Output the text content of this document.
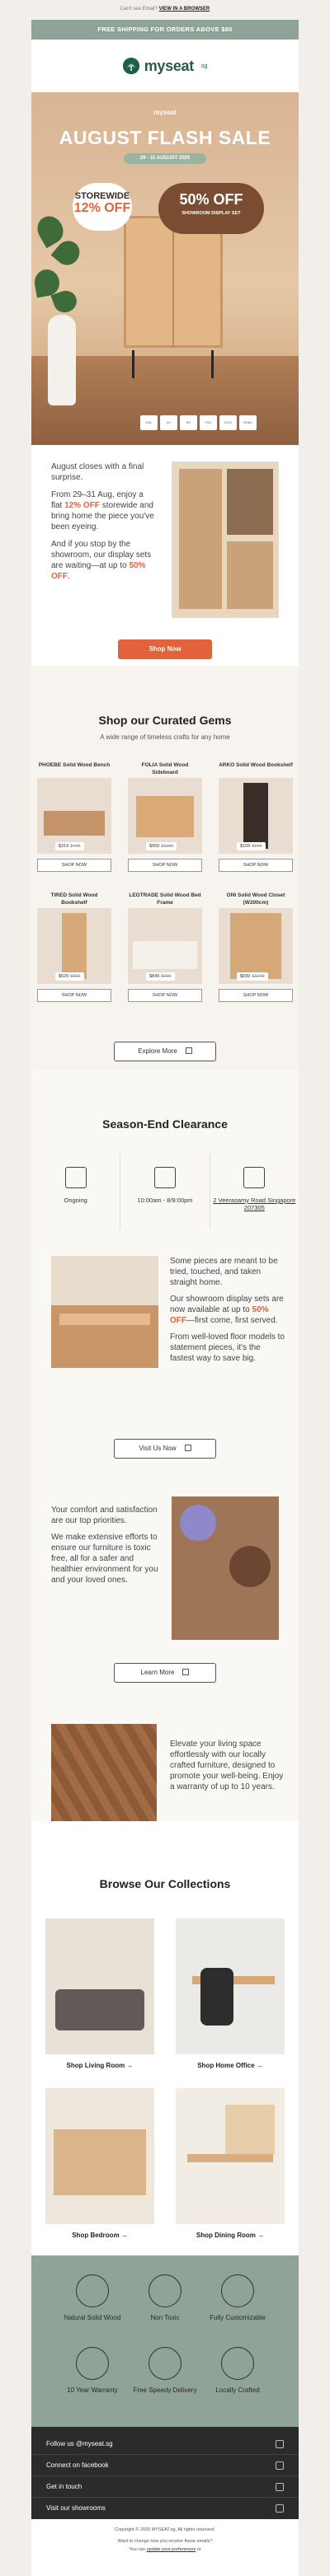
Can't see Email? VIEW IN A BROWSER
FREE SHIPPING FOR ORDERS ABOVE $80
myseat .sg
myseat
AUGUST FLASH SALE
29 - 31 AUGUST 2025
STOREWIDE
12% OFF
50% OFF
SHOWROOM DISPLAY SET
GHL	A+	SG	FSC	ECO	SGBC

August closes with a final surprise.

From 29–31 Aug, enjoy a flat 12% OFF storewide and bring home the piece you've been eyeing.

And if you stop by the showroom, our display sets are waiting—at up to 50% OFF.

Shop Now
Shop our Curated Gems
A wide range of timeless crafts for any home
PHOEBE Solid Wood Bench
$319 $429
SHOP NOW
FOLIA Solid Wood Sideboard
$959 $1199
SHOP NOW
ARKO Solid Wood Bookshelf
$109 $169
SHOP NOW
TIRED Solid Wood Bookshelf
$629 $899
SHOP NOW
LEGTRADE Solid Wood Bed Frame
$849 $999
SHOP NOW
ONI Solid Wood Closet (W200cm)
$839 $1049
SHOP NOW
Explore More
Season-End Clearance
Ongoing	10:00am - 8/9:00pm	2 Veerasamy Road Singapore 207305

Some pieces are meant to be tried, touched, and taken straight home.

Our showroom display sets are now available at up to 50% OFF—first come, first served.

From well-loved floor models to statement pieces, it's the fastest way to save big.

Visit Us Now

Your comfort and satisfaction are our top priorities.

We make extensive efforts to ensure our furniture is toxic free, all for a safer and healthier environment for you and your loved ones.

Learn More
Elevate your living space effortlessly with our locally crafted furniture, designed to promote your well-being. Enjoy a warranty of up to 10 years.
Browse Our Collections
Shop Living Room →	Shop Home Office →
Shop Bedroom →	Shop Dining Room →
Natural Solid Wood	Non Toxic	Fully Customizable
10 Year Warranty	Free Speedy Delivery	Locally Crafted
Follow us @myseat.sg
Connect on facebook
Get in touch
Visit our showrooms
Copyright © 2025 MYSEAT.sg, All rights reserved.
Want to change how you receive these emails?
You can update your preferences or
